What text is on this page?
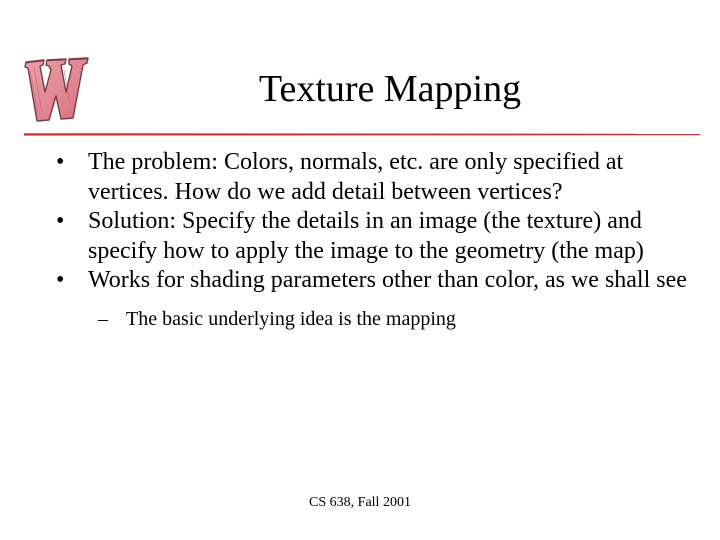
Texture Mapping
• The problem: Colors, normals, etc. are only specified at vertices. How do we add detail between vertices?
• Solution: Specify the details in an image (the texture) and specify how to apply the image to the geometry (the map)
• Works for shading parameters other than color, as we shall see
– The basic underlying idea is the mapping
CS 638, Fall 2001
